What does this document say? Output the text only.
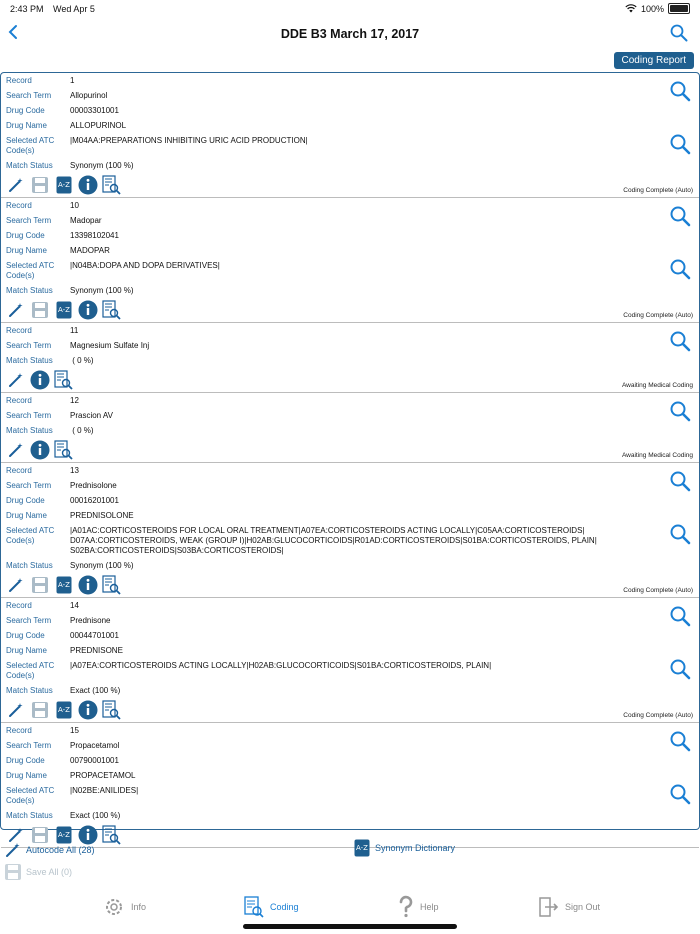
2:43 PM Wed Apr 5	100%
DDE B3 March 17, 2017
Coding Report
Record	1
Search Term	Allopurinol
Drug Code	00003301001
Drug Name	ALLOPURINOL
Selected ATC Code(s)
|M04AA:PREPARATIONS INHIBITING URIC ACID PRODUCTION|
Match Status	Synonym (100 %)
A-Z
Coding Complete (Auto)
Record	10
Search Term	Madopar
Drug Code	13398102041
Drug Name	MADOPAR
Selected ATC Code(s)
|N04BA:DOPA AND DOPA DERIVATIVES|
Match Status	Synonym (100 %)
A-Z
Coding Complete (Auto)
Record	11
Search Term	Magnesium Sulfate Inj
Match Status	( 0 %)
Awaiting Medical Coding
Record	12
Search Term	Prascion AV
Match Status	( 0 %)
Awaiting Medical Coding
Record	13
Search Term	Prednisolone
Drug Code	00016201001
Drug Name	PREDNISOLONE
Selected ATC Code(s)
|A01AC:CORTICOSTEROIDS FOR LOCAL ORAL TREATMENT|A07EA:CORTICOSTEROIDS ACTING LOCALLY|C05AA:CORTICOSTEROIDS|
D07AA:CORTICOSTEROIDS, WEAK (GROUP I)|H02AB:GLUCOCORTICOIDS|R01AD:CORTICOSTEROIDS|S01BA:CORTICOSTEROIDS, PLAIN|
S02BA:CORTICOSTEROIDS|S03BA:CORTICOSTEROIDS|
Match Status	Synonym (100 %)
A-Z
Coding Complete (Auto)
Record	14
Search Term	Prednisone
Drug Code	00044701001
Drug Name	PREDNISONE
Selected ATC Code(s)
|A07EA:CORTICOSTEROIDS ACTING LOCALLY|H02AB:GLUCOCORTICOIDS|S01BA:CORTICOSTEROIDS, PLAIN|
Match Status	Exact (100 %)
A-Z
Coding Complete (Auto)
Record	15
Search Term	Propacetamol
Drug Code	00790001001
Drug Name	PROPACETAMOL
Selected ATC Code(s)
|N02BE:ANILIDES|
Match Status	Exact (100 %)
A-Z
Autocode All (28)
Save All (0)
A-Z Synonym Dictionary
Info	Coding	Help	Sign Out
